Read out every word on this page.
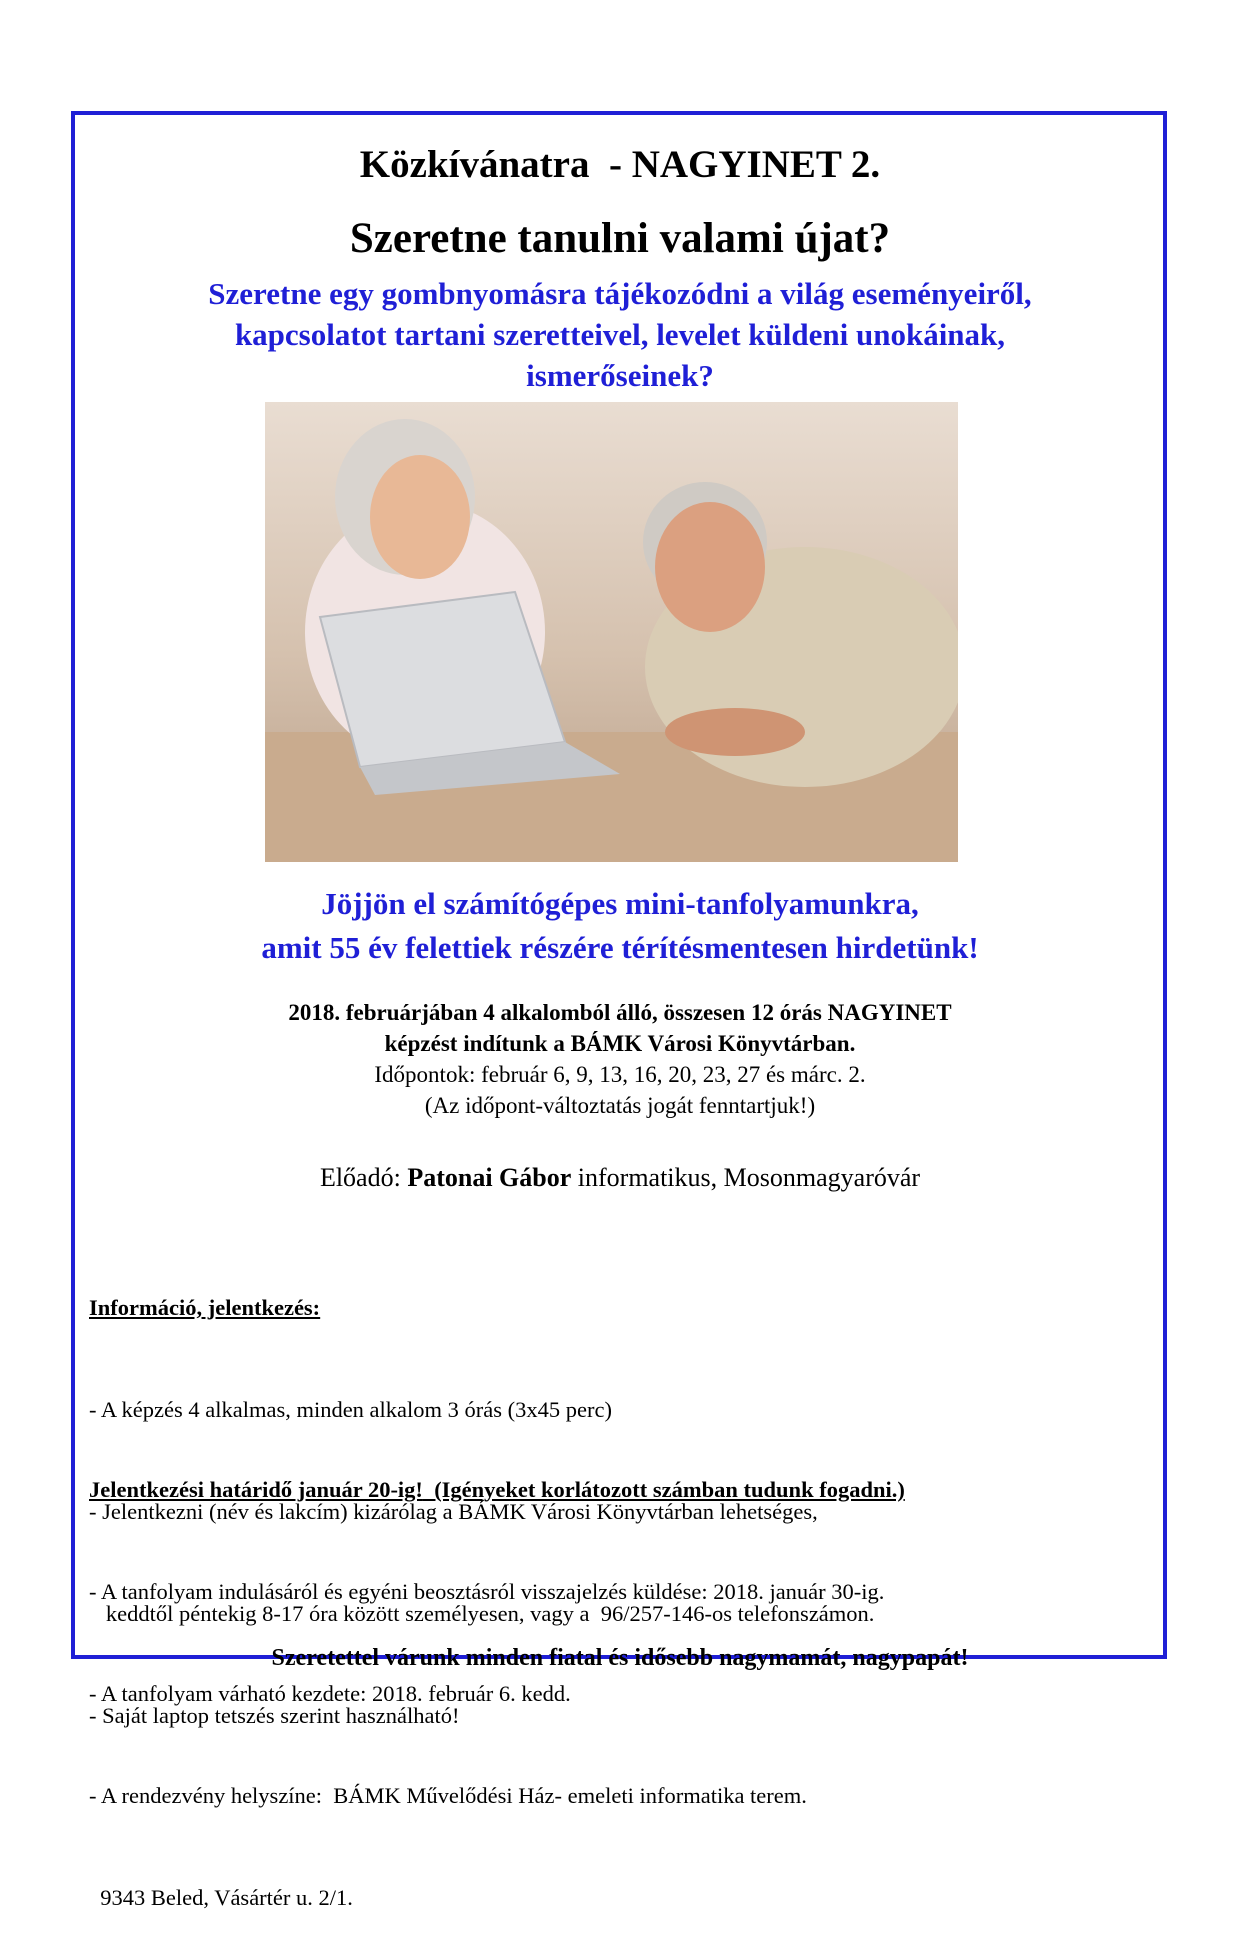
Közkívánatra  - NAGYINET 2.
Szeretne tanulni valami újat?
Szeretne egy gombnyomásra tájékozódni a világ eseményeiről,
kapcsolatot tartani szeretteivel, levelet küldeni unokáinak,
ismerőseinek?
Jöjjön el számítógépes mini-tanfolyamunkra,
amit 55 év felettiek részére térítésmentesen hirdetünk!
2018. februárjában 4 alkalomból álló, összesen 12 órás NAGYINET
képzést indítunk a BÁMK Városi Könyvtárban.
Időpontok: február 6, 9, 13, 16, 20, 23, 27 és márc. 2.
(Az időpont-változtatás jogát fenntartjuk!)
Előadó: Patonai Gábor informatikus, Mosonmagyaróvár

Információ, jelentkezés:

- A képzés 4 alkalmas, minden alkalom 3 órás (3x45 perc)

- Jelentkezni (név és lakcím) kizárólag a BÁMK Városi Könyvtárban lehetséges,

keddtől péntekig 8-17 óra között személyesen, vagy a  96/257-146-os telefonszámon.

- Saját laptop tetszés szerint használható!

Jelentkezési határidő január 20-ig!  (Igényeket korlátozott számban tudunk fogadni.)

- A tanfolyam indulásáról és egyéni beosztásról visszajelzés küldése: 2018. január 30-ig.

- A tanfolyam várható kezdete: 2018. február 6. kedd.

- A rendezvény helyszíne:  BÁMK Művelődési Ház- emeleti informatika terem.

9343 Beled, Vásártér u. 2/1.

Szeretettel várunk minden fiatal és idősebb nagymamát, nagypapát!
